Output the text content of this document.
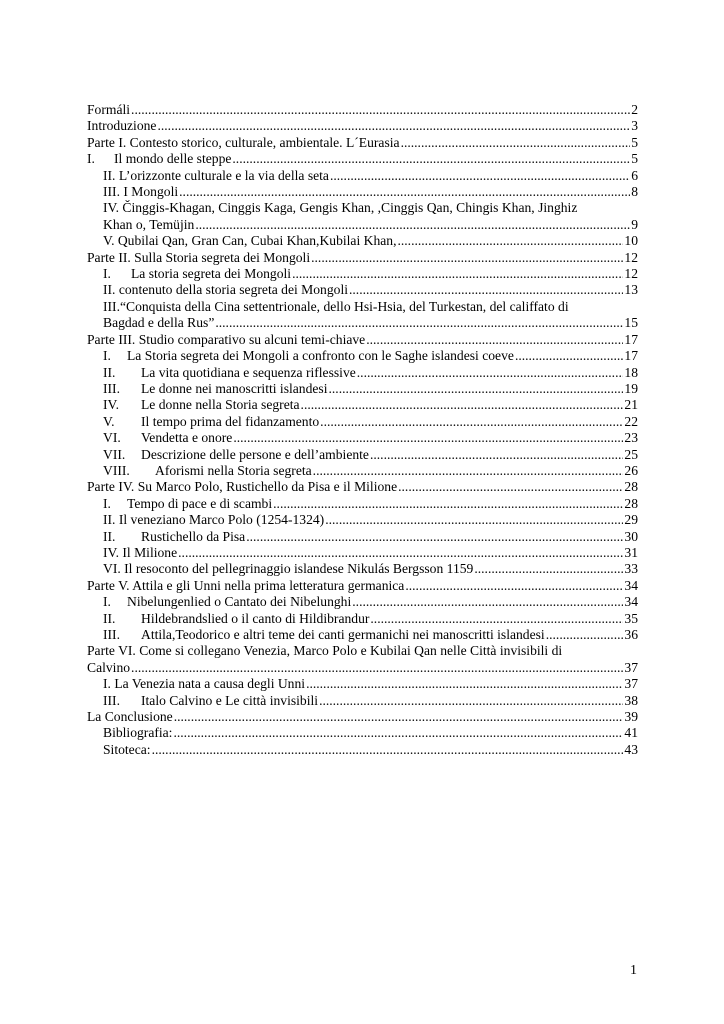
Formáli .....	2
Introduzione .....	3
Parte I. Contesto storico, culturale, ambientale. L´Eurasia .....	5
I.	Il mondo delle steppe .....	5
II. L’orizzonte culturale e la via della seta .....	6
III. I Mongoli .....	8
IV. Činggis-Khagan, Cinggis Kaga, Gengis Khan, ,Cinggis Qan, Chingis Khan, Jinghiz
Khan o, Temüjin .....	9
V. Qubilai Qan, Gran Can, Cubai Khan,Kubilai Khan, .....	10
Parte II. Sulla Storia segreta dei Mongoli .....	12
I.	La storia segreta dei Mongoli .....	12
II. contenuto della storia segreta dei Mongoli .....	13
III.“Conquista della Cina settentrionale, dello Hsi-Hsia, del Turkestan, del califfato di
Bagdad e della Rus” .....	15
Parte III. Studio comparativo su alcuni temi-chiave .....	17
I.	La Storia segreta dei Mongoli a confronto con le Saghe islandesi coeve .....	17
II.	La vita quotidiana e sequenza riflessive .....	18
III.	Le donne nei manoscritti islandesi .....	19
IV.	Le donne nella Storia segreta .....	21
V.	Il tempo prima del fidanzamento .....	22
VI.	Vendetta e onore .....	23
VII.	Descrizione delle persone e dell’ambiente .....	25
VIII.	Aforismi nella Storia segreta .....	26
Parte IV. Su Marco Polo, Rustichello da Pisa e il Milione .....	28
I.	Tempo di pace e di scambi .....	28
II. Il veneziano Marco Polo (1254-1324) .....	29
II.	Rustichello da Pisa .....	30
IV. Il Milione .....	31
VI. Il resoconto del pellegrinaggio islandese Nikulás Bergsson 1159 .....	33
Parte V. Attila e gli Unni nella prima letteratura germanica .....	34
I.	Nibelungenlied o Cantato dei Nibelunghi .....	34
II.	Hildebrandslied o il canto di Hildibrandur .....	35
III.	Attila,Teodorico e altri teme dei canti germanichi nei manoscritti islandesi .....	36
Parte VI. Come si collegano Venezia, Marco Polo e Kubilai Qan nelle Città invisibili di
Calvino .....	37
I. La Venezia nata a causa degli Unni .....	37
III.	Italo Calvino e Le città invisibili .....	38
La Conclusione .....	39
Bibliografia: .....	41
Sitoteca: .....	43
1
